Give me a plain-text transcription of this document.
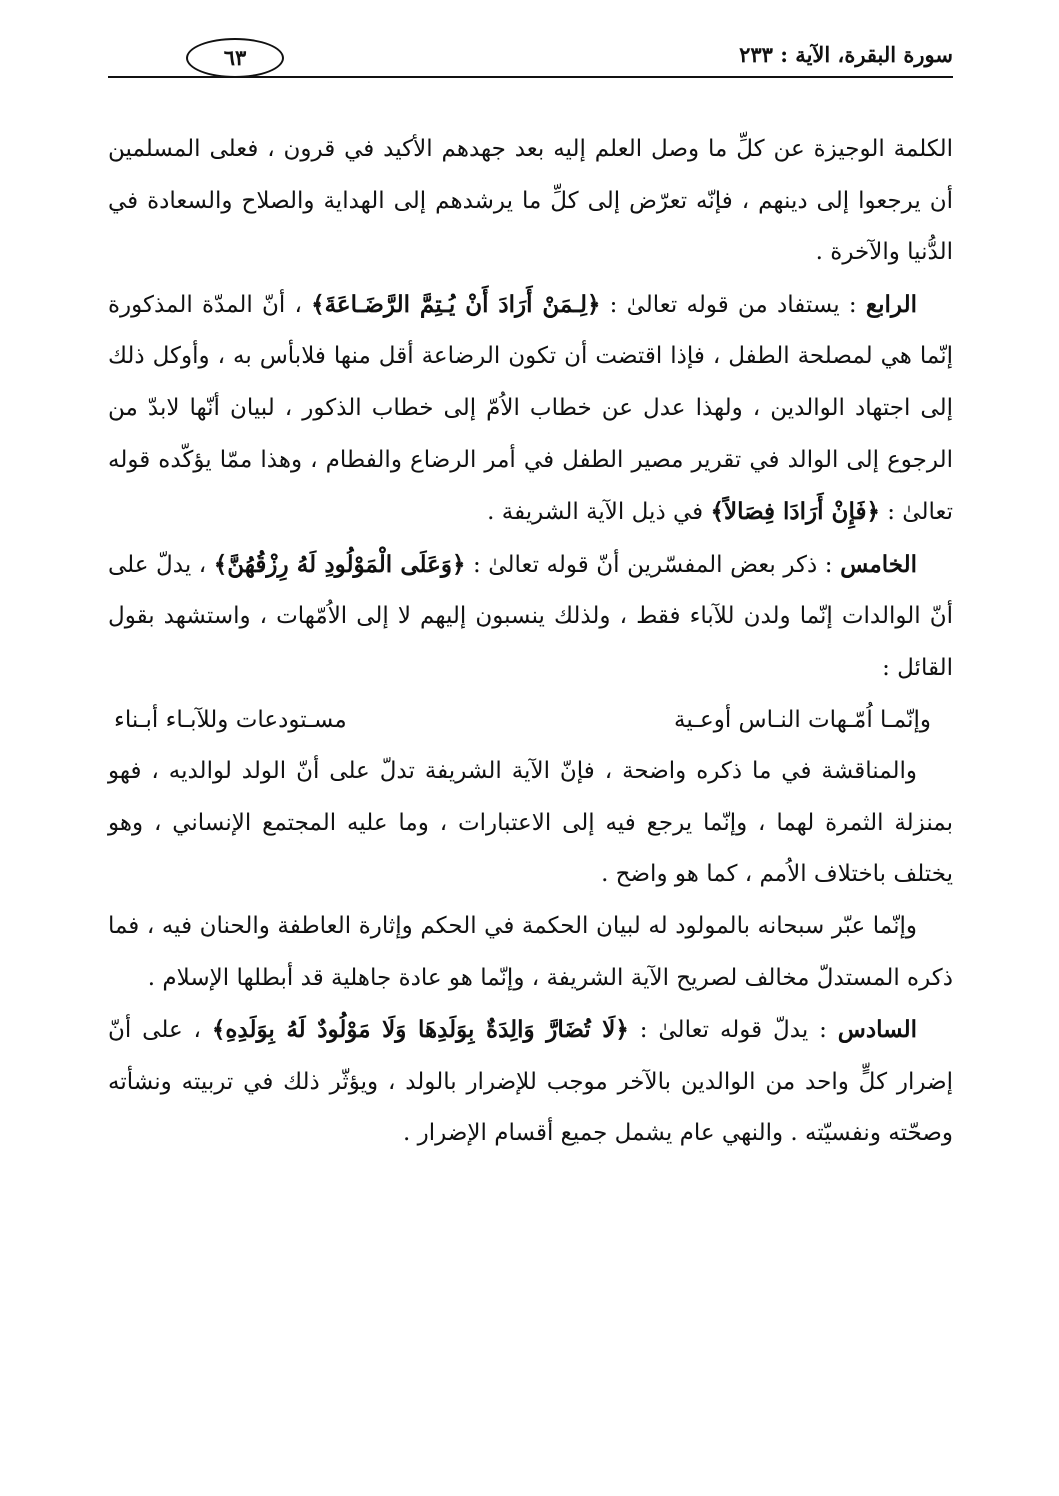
سورة البقرة، الآية : ٢٣٣
٦٣

الكلمة الوجيزة عن كلِّ ما وصل العلم إليه بعد جهدهم الأكيد في قرون ، فعلى المسلمين أن يرجعوا إلى دينهم ، فإنّه تعرّض إلى كلِّ ما يرشدهم إلى الهداية والصلاح والسعادة في الدُّنيا والآخرة .

الرابع : يستفاد من قوله تعالىٰ : ﴿لِـمَنْ أَرَادَ أَنْ يُـتِمَّ الرَّضَـاعَةَ﴾ ، أنّ المدّة المذكورة إنّما هي لمصلحة الطفل ، فإذا اقتضت أن تكون الرضاعة أقل منها فلابأس به ، وأوكل ذلك إلى اجتهاد الوالدين ، ولهذا عدل عن خطاب الاُمّ إلى خطاب الذكور ، لبيان أنّها لابدّ من الرجوع إلى الوالد في تقرير مصير الطفل في أمر الرضاع والفطام ، وهذا ممّا يؤكّده قوله تعالىٰ : ﴿فَإِنْ أَرَادَا فِصَالاً﴾ في ذيل الآية الشريفة .

الخامس : ذكر بعض المفسّرين أنّ قوله تعالىٰ : ﴿وَعَلَى الْمَوْلُودِ لَهُ رِزْقُهُنَّ﴾ ، يدلّ على أنّ الوالدات إنّما ولدن للآباء فقط ، ولذلك ينسبون إليهم لا إلى الاُمّهات ، واستشهد بقول القائل :

وإنّمـا اُمّـهات النـاس أوعـية
مسـتودعات وللآبـاء أبـناء

والمناقشة في ما ذكره واضحة ، فإنّ الآية الشريفة تدلّ على أنّ الولد لوالديه ، فهو بمنزلة الثمرة لهما ، وإنّما يرجع فيه إلى الاعتبارات ، وما عليه المجتمع الإنساني ، وهو يختلف باختلاف الاُمم ، كما هو واضح .

وإنّما عبّر سبحانه بالمولود له لبيان الحكمة في الحكم وإثارة العاطفة والحنان فيه ، فما ذكره المستدلّ مخالف لصريح الآية الشريفة ، وإنّما هو عادة جاهلية قد أبطلها الإسلام .

السادس : يدلّ قوله تعالىٰ : ﴿لَا تُضَارَّ وَالِدَةٌ بِوَلَدِهَا وَلَا مَوْلُودٌ لَهُ بِوَلَدِهِ﴾ ، على أنّ إضرار كلٍّ واحد من الوالدين بالآخر موجب للإضرار بالولد ، ويؤثّر ذلك في تربيته ونشأته وصحّته ونفسيّته . والنهي عام يشمل جميع أقسام الإضرار .
